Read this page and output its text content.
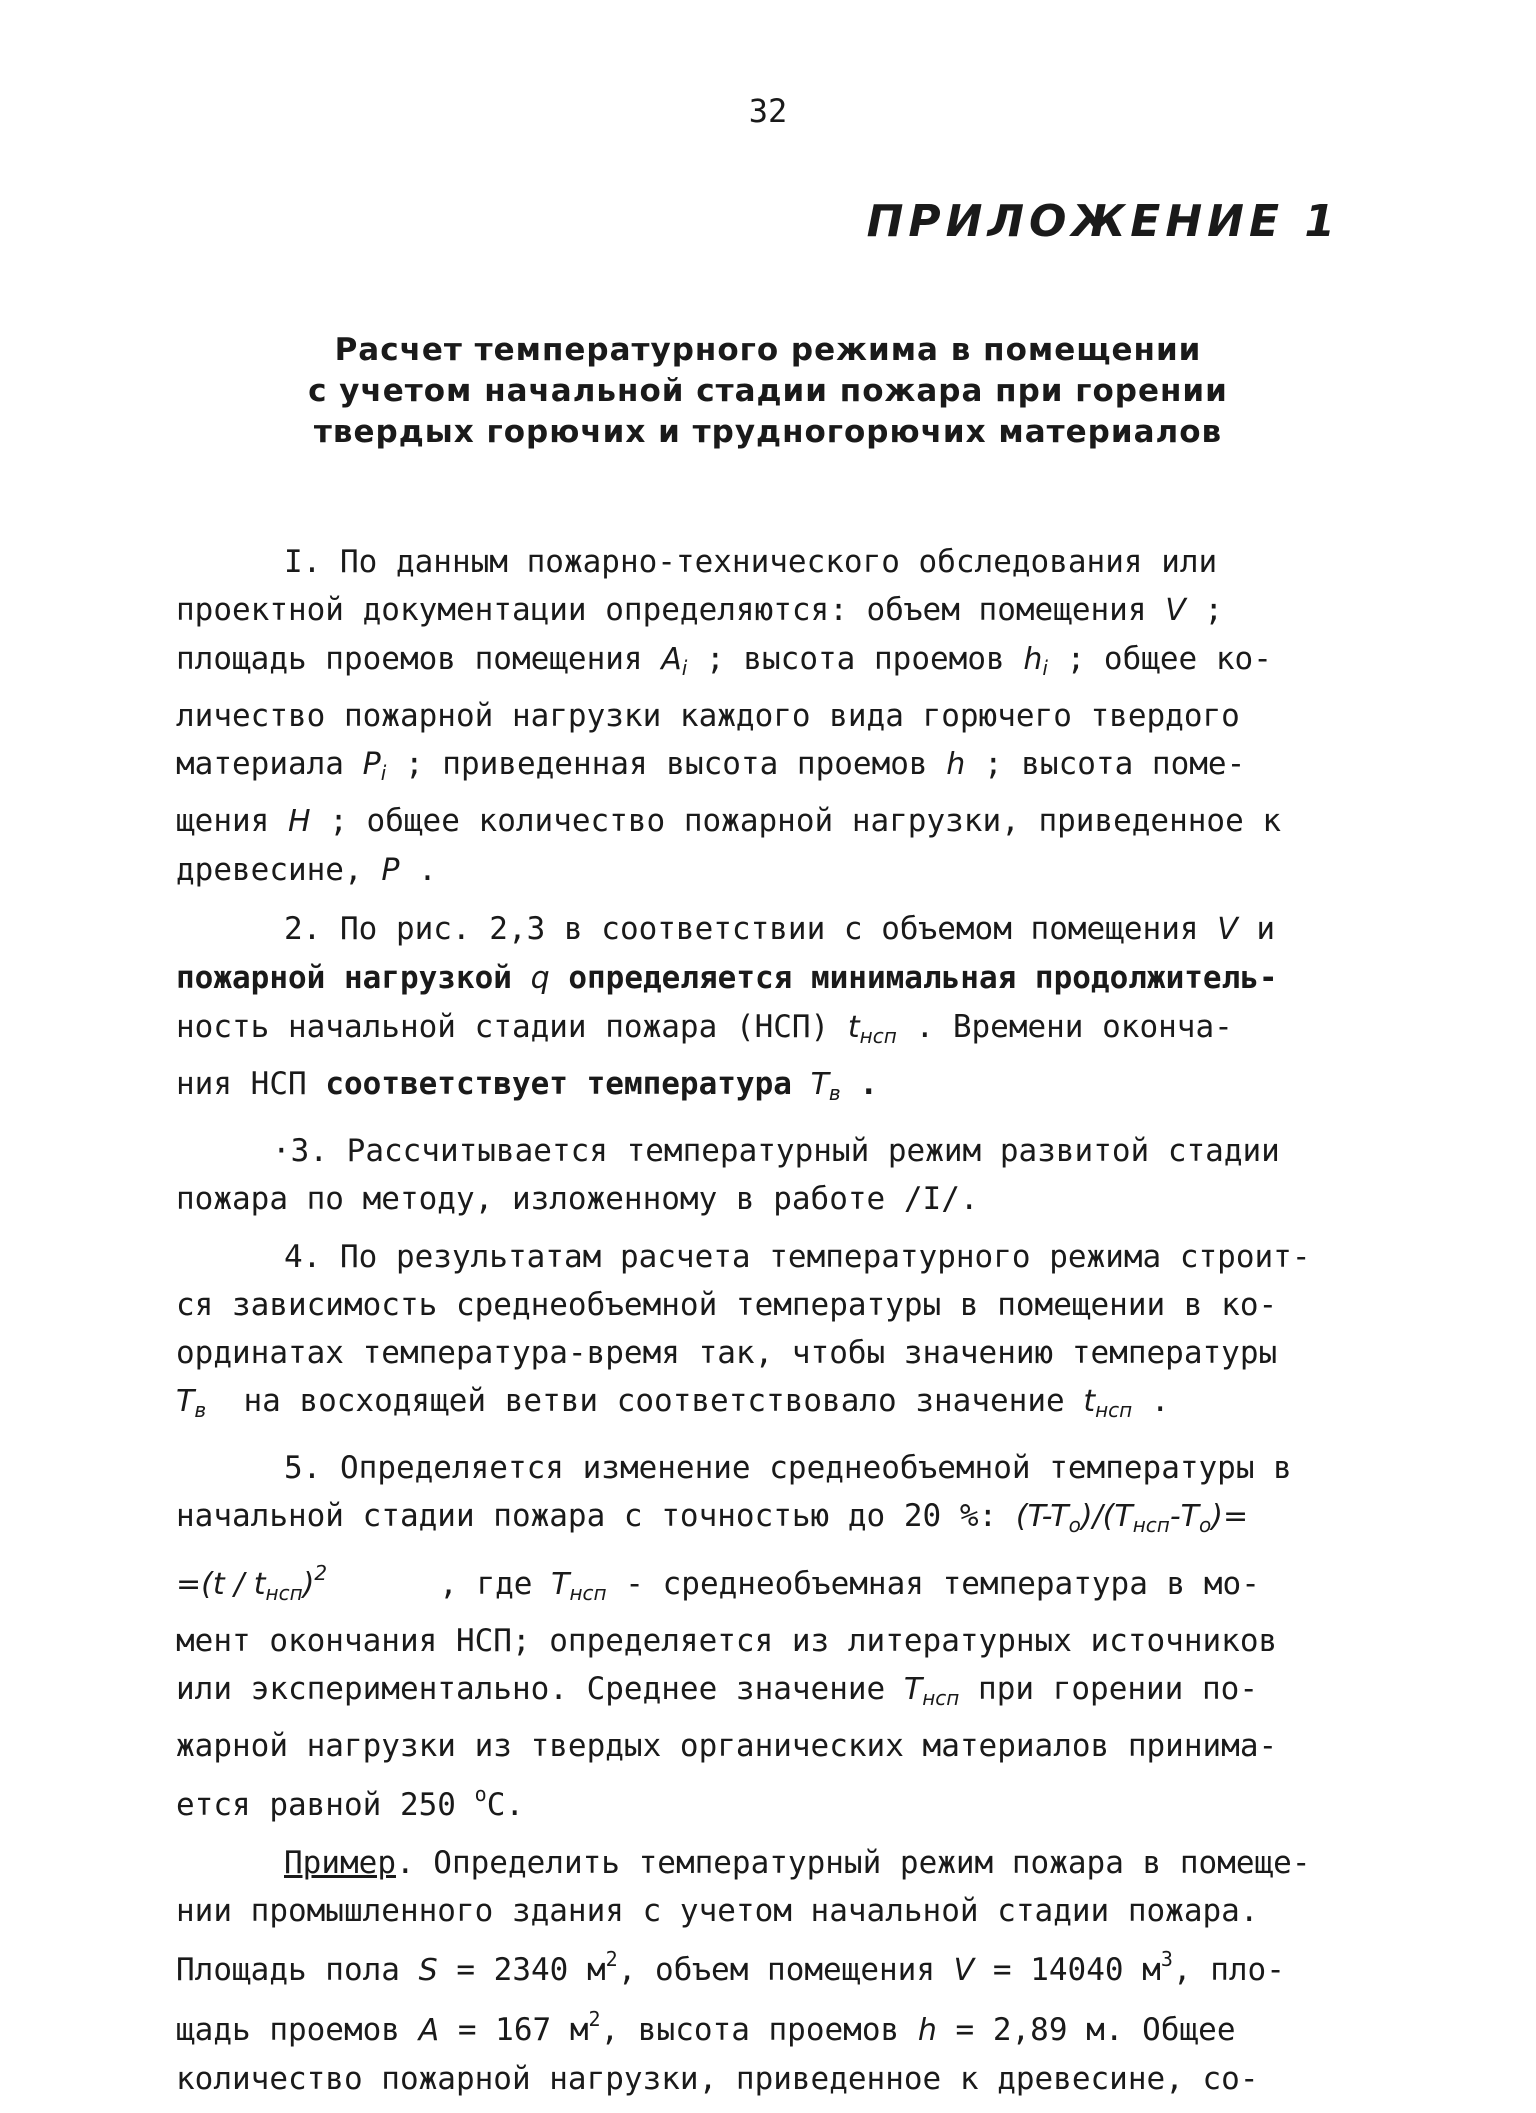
32
ПРИЛОЖЕНИЕ 1
Расчет температурного режима в помещении
с учетом начальной стадии пожара при горении
твердых горючих и трудногорючих материалов
I. По данным пожарно-технического обследования или
проектной документации определяются: объем помещения V ;
площадь проемов помещения $A_i$ ; высота проемов $h_i$ ; общее ко-
личество пожарной нагрузки каждого вида горючего твердого
материала $P_i$ ; приведенная высота проемов h ; высота поме-
щения H ; общее количество пожарной нагрузки, приведенное к
древесине, P .
2. По рис. 2,3 в соответствии с объемом помещения V и
пожарной нагрузкой q определяется минимальная продолжитель-
ность начальной стадии пожара (НСП) $t_{нсп}$ . Времени оконча-
ния НСП соответствует температура $T_в$ .
·3. Рассчитывается температурный режим развитой стадии
пожара по методу, изложенному в работе /I/.
4. По результатам расчета температурного режима строит-
ся зависимость среднеобъемной температуры в помещении в ко-
ординатах температура-время так, чтобы значению температуры
$T_в$ на восходящей ветви соответствовало значение $t_{нсп}$ .
5. Определяется изменение среднеобъемной температуры в
начальной стадии пожара с точностью до 20 %: $(T-T_o)/(T_{нсп}-T_o)=$
$=(t / t_{нсп})^2$	, где $T_{нсп}$ - среднеобъемная температура в мо-
мент окончания НСП; определяется из литературных источников
или экспериментально. Среднее значение $T_{нсп}$ при горении по-
жарной нагрузки из твердых органических материалов принима-
ется равной 250 $^o$С.
Пример. Определить температурный режим пожара в помеще-
нии промышленного здания с учетом начальной стадии пожара.
Площадь пола S = 2340 $м^2$, объем помещения V = 14040 $м^3$, пло-
щадь проемов A = 167 $м^2$, высота проемов h = 2,89 м. Общее
количество пожарной нагрузки, приведенное к древесине, со-
